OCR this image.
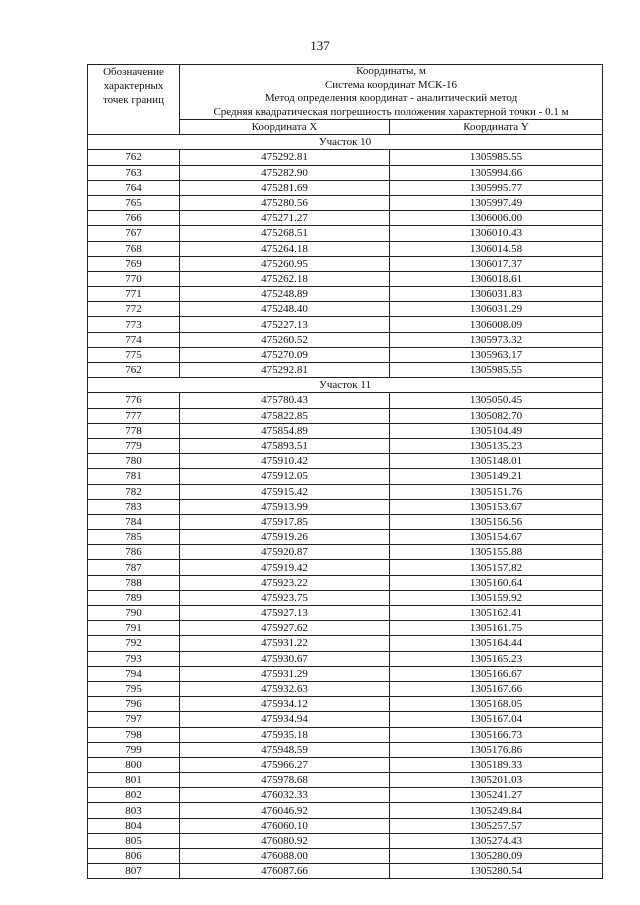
137
Обозначение характерных точек границ	Координаты, м
Система координат МСК-16
Метод определения координат - аналитический метод
Средняя квадратическая погрешность положения характерной точки - 0.1 м	

	Координата X	Координата Y
Участок 10		
762	475292.81	1305985.55
763	475282.90	1305994.66
764	475281.69	1305995.77
765	475280.56	1305997.49
766	475271.27	1306006.00
767	475268.51	1306010.43
768	475264.18	1306014.58
769	475260.95	1306017.37
770	475262.18	1306018.61
771	475248.89	1306031.83
772	475248.40	1306031.29
773	475227.13	1306008.09
774	475260.52	1305973.32
775	475270.09	1305963.17
762	475292.81	1305985.55
Участок 11		
776	475780.43	1305050.45
777	475822.85	1305082.70
778	475854.89	1305104.49
779	475893.51	1305135.23
780	475910.42	1305148.01
781	475912.05	1305149.21
782	475915.42	1305151.76
783	475913.99	1305153.67
784	475917.85	1305156.56
785	475919.26	1305154.67
786	475920.87	1305155.88
787	475919.42	1305157.82
788	475923.22	1305160.64
789	475923.75	1305159.92
790	475927.13	1305162.41
791	475927.62	1305161.75
792	475931.22	1305164.44
793	475930.67	1305165.23
794	475931.29	1305166.67
795	475932.63	1305167.66
796	475934.12	1305168.05
797	475934.94	1305167.04
798	475935.18	1305166.73
799	475948.59	1305176.86
800	475966.27	1305189.33
801	475978.68	1305201.03
802	476032.33	1305241.27
803	476046.92	1305249.84
804	476060.10	1305257.57
805	476080.92	1305274.43
806	476088.00	1305280.09
807	476087.66	1305280.54
